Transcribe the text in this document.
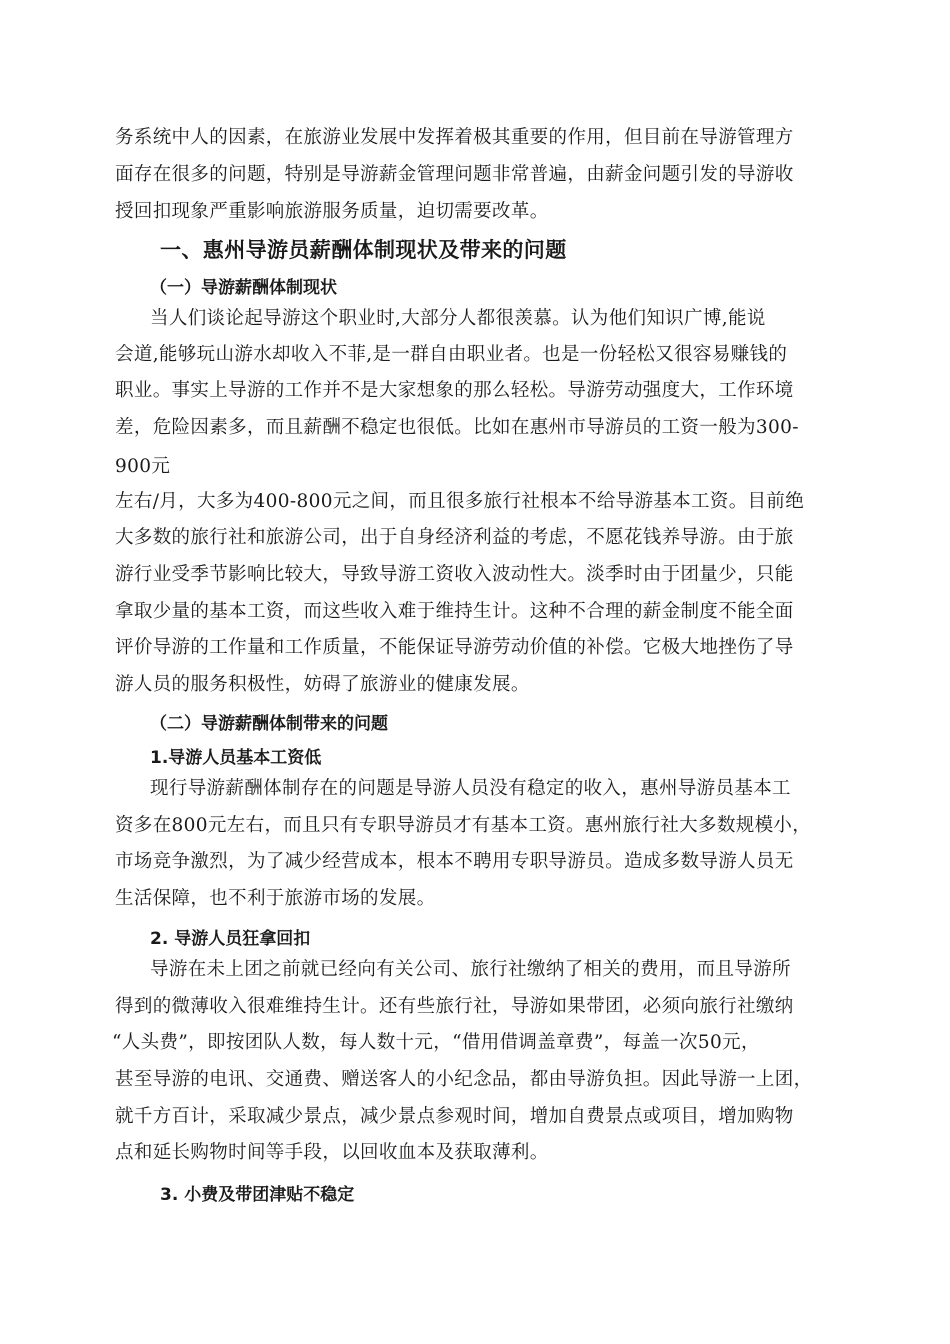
务系统中人的因素，在旅游业发展中发挥着极其重要的作用，但目前在导游管理方
面存在很多的问题，特别是导游薪金管理问题非常普遍，由薪金问题引发的导游收
授回扣现象严重影响旅游服务质量，迫切需要改革。
一、惠州导游员薪酬体制现状及带来的问题
（一）导游薪酬体制现状
当人们谈论起导游这个职业时,大部分人都很羡慕。认为他们知识广博,能说
会道,能够玩山游水却收入不菲,是一群自由职业者。也是一份轻松又很容易赚钱的
职业。事实上导游的工作并不是大家想象的那么轻松。导游劳动强度大，工作环境
差，危险因素多，而且薪酬不稳定也很低。比如在惠州市导游员的工资一般为300-
900元
左右/月，大多为400-800元之间，而且很多旅行社根本不给导游基本工资。目前绝
大多数的旅行社和旅游公司，出于自身经济利益的考虑，不愿花钱养导游。由于旅
游行业受季节影响比较大，导致导游工资收入波动性大。淡季时由于团量少，只能
拿取少量的基本工资，而这些收入难于维持生计。这种不合理的薪金制度不能全面
评价导游的工作量和工作质量，不能保证导游劳动价值的补偿。它极大地挫伤了导
游人员的服务积极性，妨碍了旅游业的健康发展。
（二）导游薪酬体制带来的问题
1.导游人员基本工资低
现行导游薪酬体制存在的问题是导游人员没有稳定的收入，惠州导游员基本工
资多在800元左右，而且只有专职导游员才有基本工资。惠州旅行社大多数规模小，
市场竞争激烈，为了减少经营成本，根本不聘用专职导游员。造成多数导游人员无
生活保障，也不利于旅游市场的发展。
2. 导游人员狂拿回扣
导游在未上团之前就已经向有关公司、旅行社缴纳了相关的费用，而且导游所
得到的微薄收入很难维持生计。还有些旅行社，导游如果带团，必须向旅行社缴纳
“人头费”，即按团队人数，每人数十元，“借用借调盖章费”，每盖一次50元，
甚至导游的电讯、交通费、赠送客人的小纪念品，都由导游负担。因此导游一上团，
就千方百计，采取减少景点，减少景点参观时间，增加自费景点或项目，增加购物
点和延长购物时间等手段，以回收血本及获取薄利。
3. 小费及带团津贴不稳定
